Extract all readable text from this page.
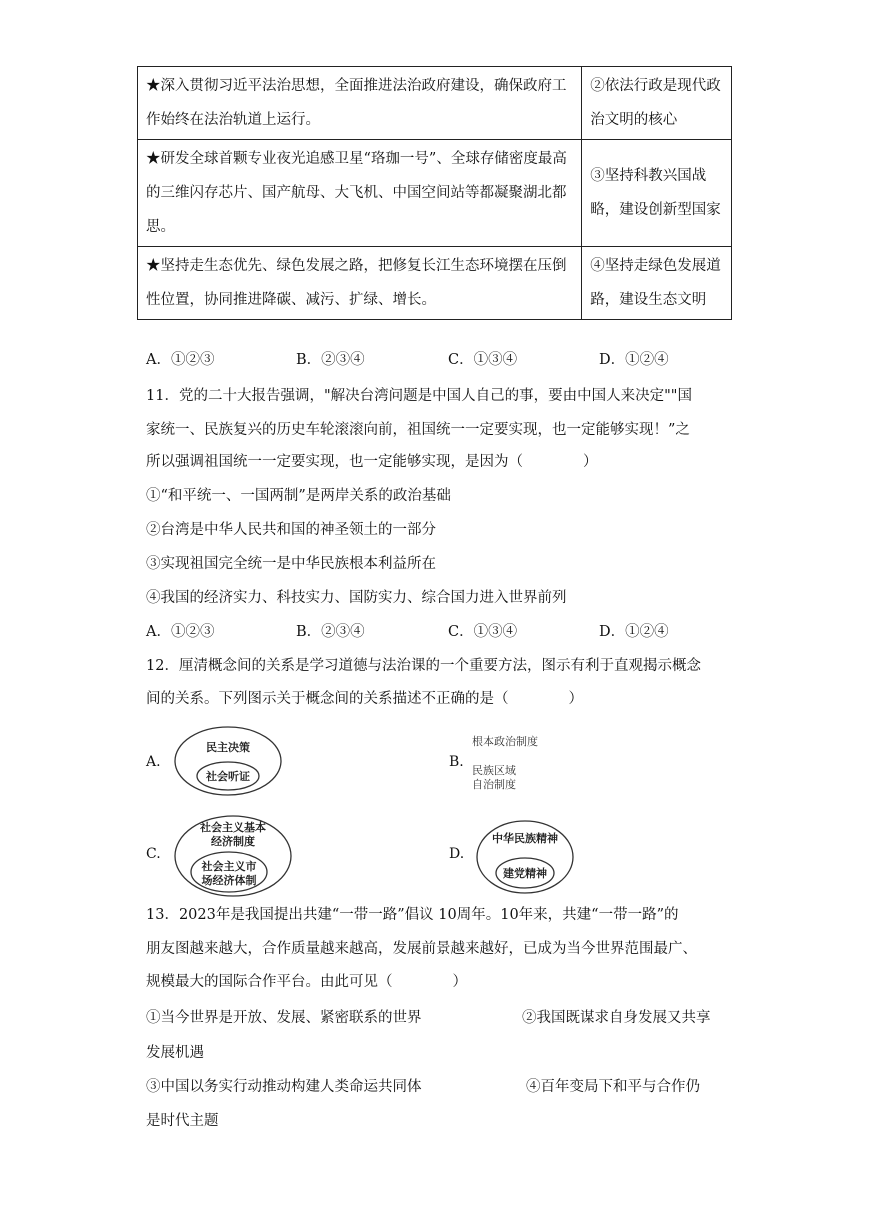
★深入贯彻习近平法治思想，全面推进法治政府建设，确保政府工作始终在法治轨道上运行。	②依法行政是现代政治文明的核心
★研发全球首颗专业夜光追感卫星“珞珈一号”、全球存储密度最高的三维闪存芯片、国产航母、大飞机、中国空间站等都凝聚湖北都思。	③坚持科教兴国战略，建设创新型国家
★坚持走生态优先、绿色发展之路，把修复长江生态环境摆在压倒性位置，协同推进降碳、减污、扩绿、增长。	④坚持走绿色发展道路，建设生态文明
A．①②③	B．②③④	C．①③④	D．①②④
11．党的二十大报告强调，"解决台湾问题是中国人自己的事，要由中国人来决定""国
家统一、民族复兴的历史车轮滚滚向前，祖国统一一定要实现，也一定能够实现！”之
所以强调祖国统一一定要实现，也一定能够实现，是因为（	）
①“和平统一、一国两制”是两岸关系的政治基础
②台湾是中华人民共和国的神圣领土的一部分
③实现祖国完全统一是中华民族根本利益所在
④我国的经济实力、科技实力、国防实力、综合国力进入世界前列
A．①②③	B．②③④	C．①③④	D．①②④
12．厘清概念间的关系是学习道德与法治课的一个重要方法，图示有利于直观揭示概念
间的关系。下列图示关于概念间的关系描述不正确的是（	）
A.
民主决策
社会听证
B.
根本政治制度
民族区域
自治制度
C.
社会主义基本
经济制度
社会主义市
场经济体制
D.
中华民族精神
建党精神
13．2023年是我国提出共建“一带一路”倡议 10周年。10年来，共建“一带一路”的
朋友图越来越大，合作质量越来越高，发展前景越来越好，已成为当今世界范围最广、
规模最大的国际合作平台。由此可见（	）
①当今世界是开放、发展、紧密联系的世界	②我国既谋求自身发展又共享
发展机遇
③中国以务实行动推动构建人类命运共同体	④百年变局下和平与合作仍
是时代主题
